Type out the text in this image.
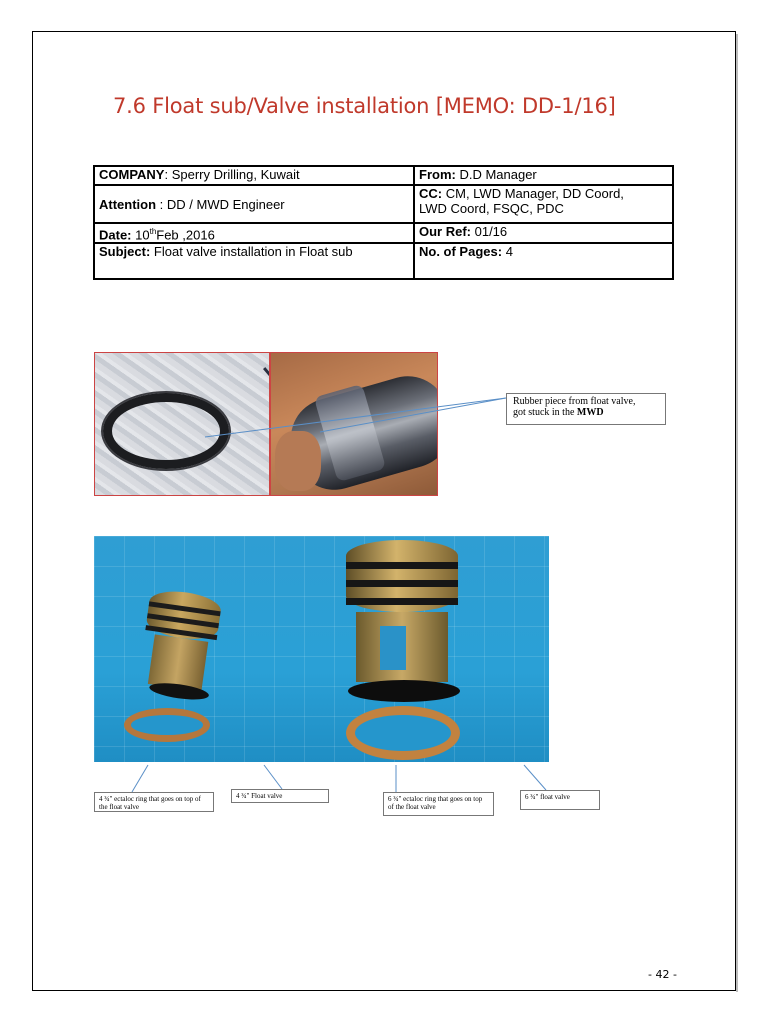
7.6 Float sub/Valve installation [MEMO: DD-1/16]
COMPANY: Sperry Drilling, Kuwait	From: D.D Manager
Attention : DD / MWD Engineer	CC: CM, LWD Manager, DD Coord,
LWD Coord, FSQC, PDC
Date: 10thFeb ,2016	Our Ref: 01/16
Subject: Float valve installation in Float sub	No. of Pages: 4
Rubber piece from float valve,
got stuck in the MWD
4 ¾" ectaloc ring that goes on top of the float valve
4 ¾" Float valve	6 ¾" ectaloc ring that goes on top of the float valve
6 ¾" float valve
- 42 -
